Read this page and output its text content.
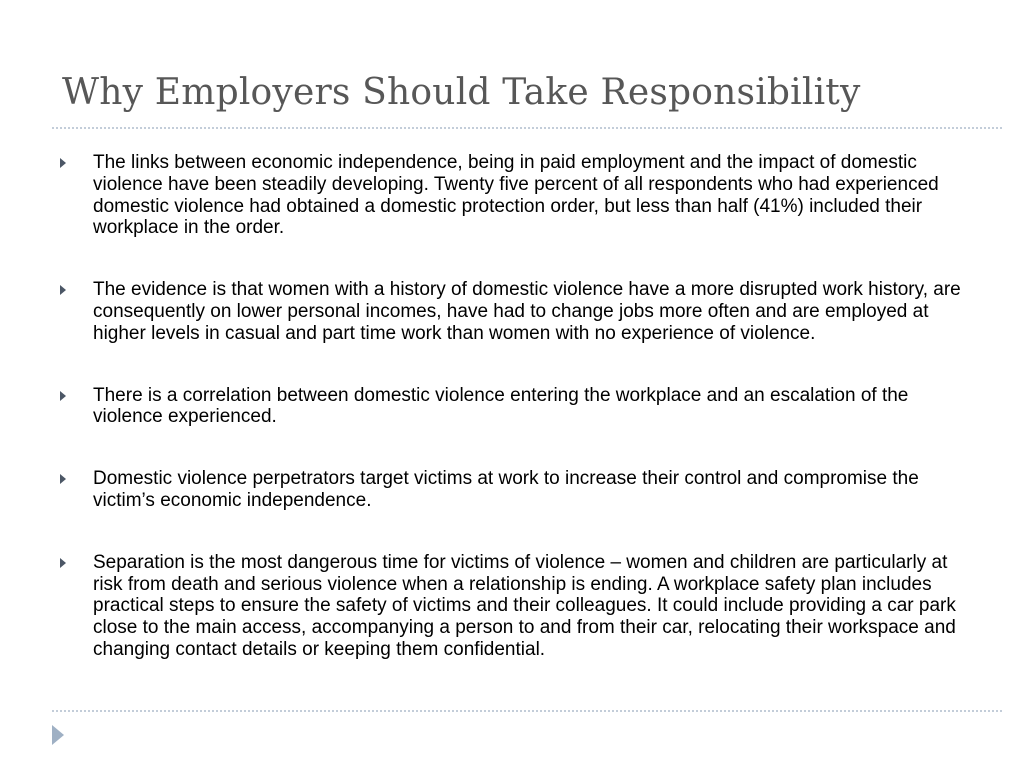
Why Employers Should Take Responsibility
The links between economic independence, being in paid employment and the impact of domestic violence have been steadily developing. Twenty five percent of all respondents who had experienced domestic violence had obtained a domestic protection order, but less than half (41%) included their workplace in the order.
The evidence is that women with a history of domestic violence have a more disrupted work history, are consequently on lower personal incomes, have had to change jobs more often and are employed at higher levels in casual and part time work than women with no experience of violence.
There is a correlation between domestic violence entering the workplace and an escalation of the violence experienced.
Domestic violence perpetrators target victims at work to increase their control and compromise the victim’s economic independence.
Separation is the most dangerous time for victims of violence – women and children are particularly at risk from death and serious violence when a relationship is ending. A workplace safety plan includes practical steps to ensure the safety of victims and their colleagues. It could include providing a car park close to the main access, accompanying a person to and from their car, relocating their workspace and changing contact details or keeping them confidential.
